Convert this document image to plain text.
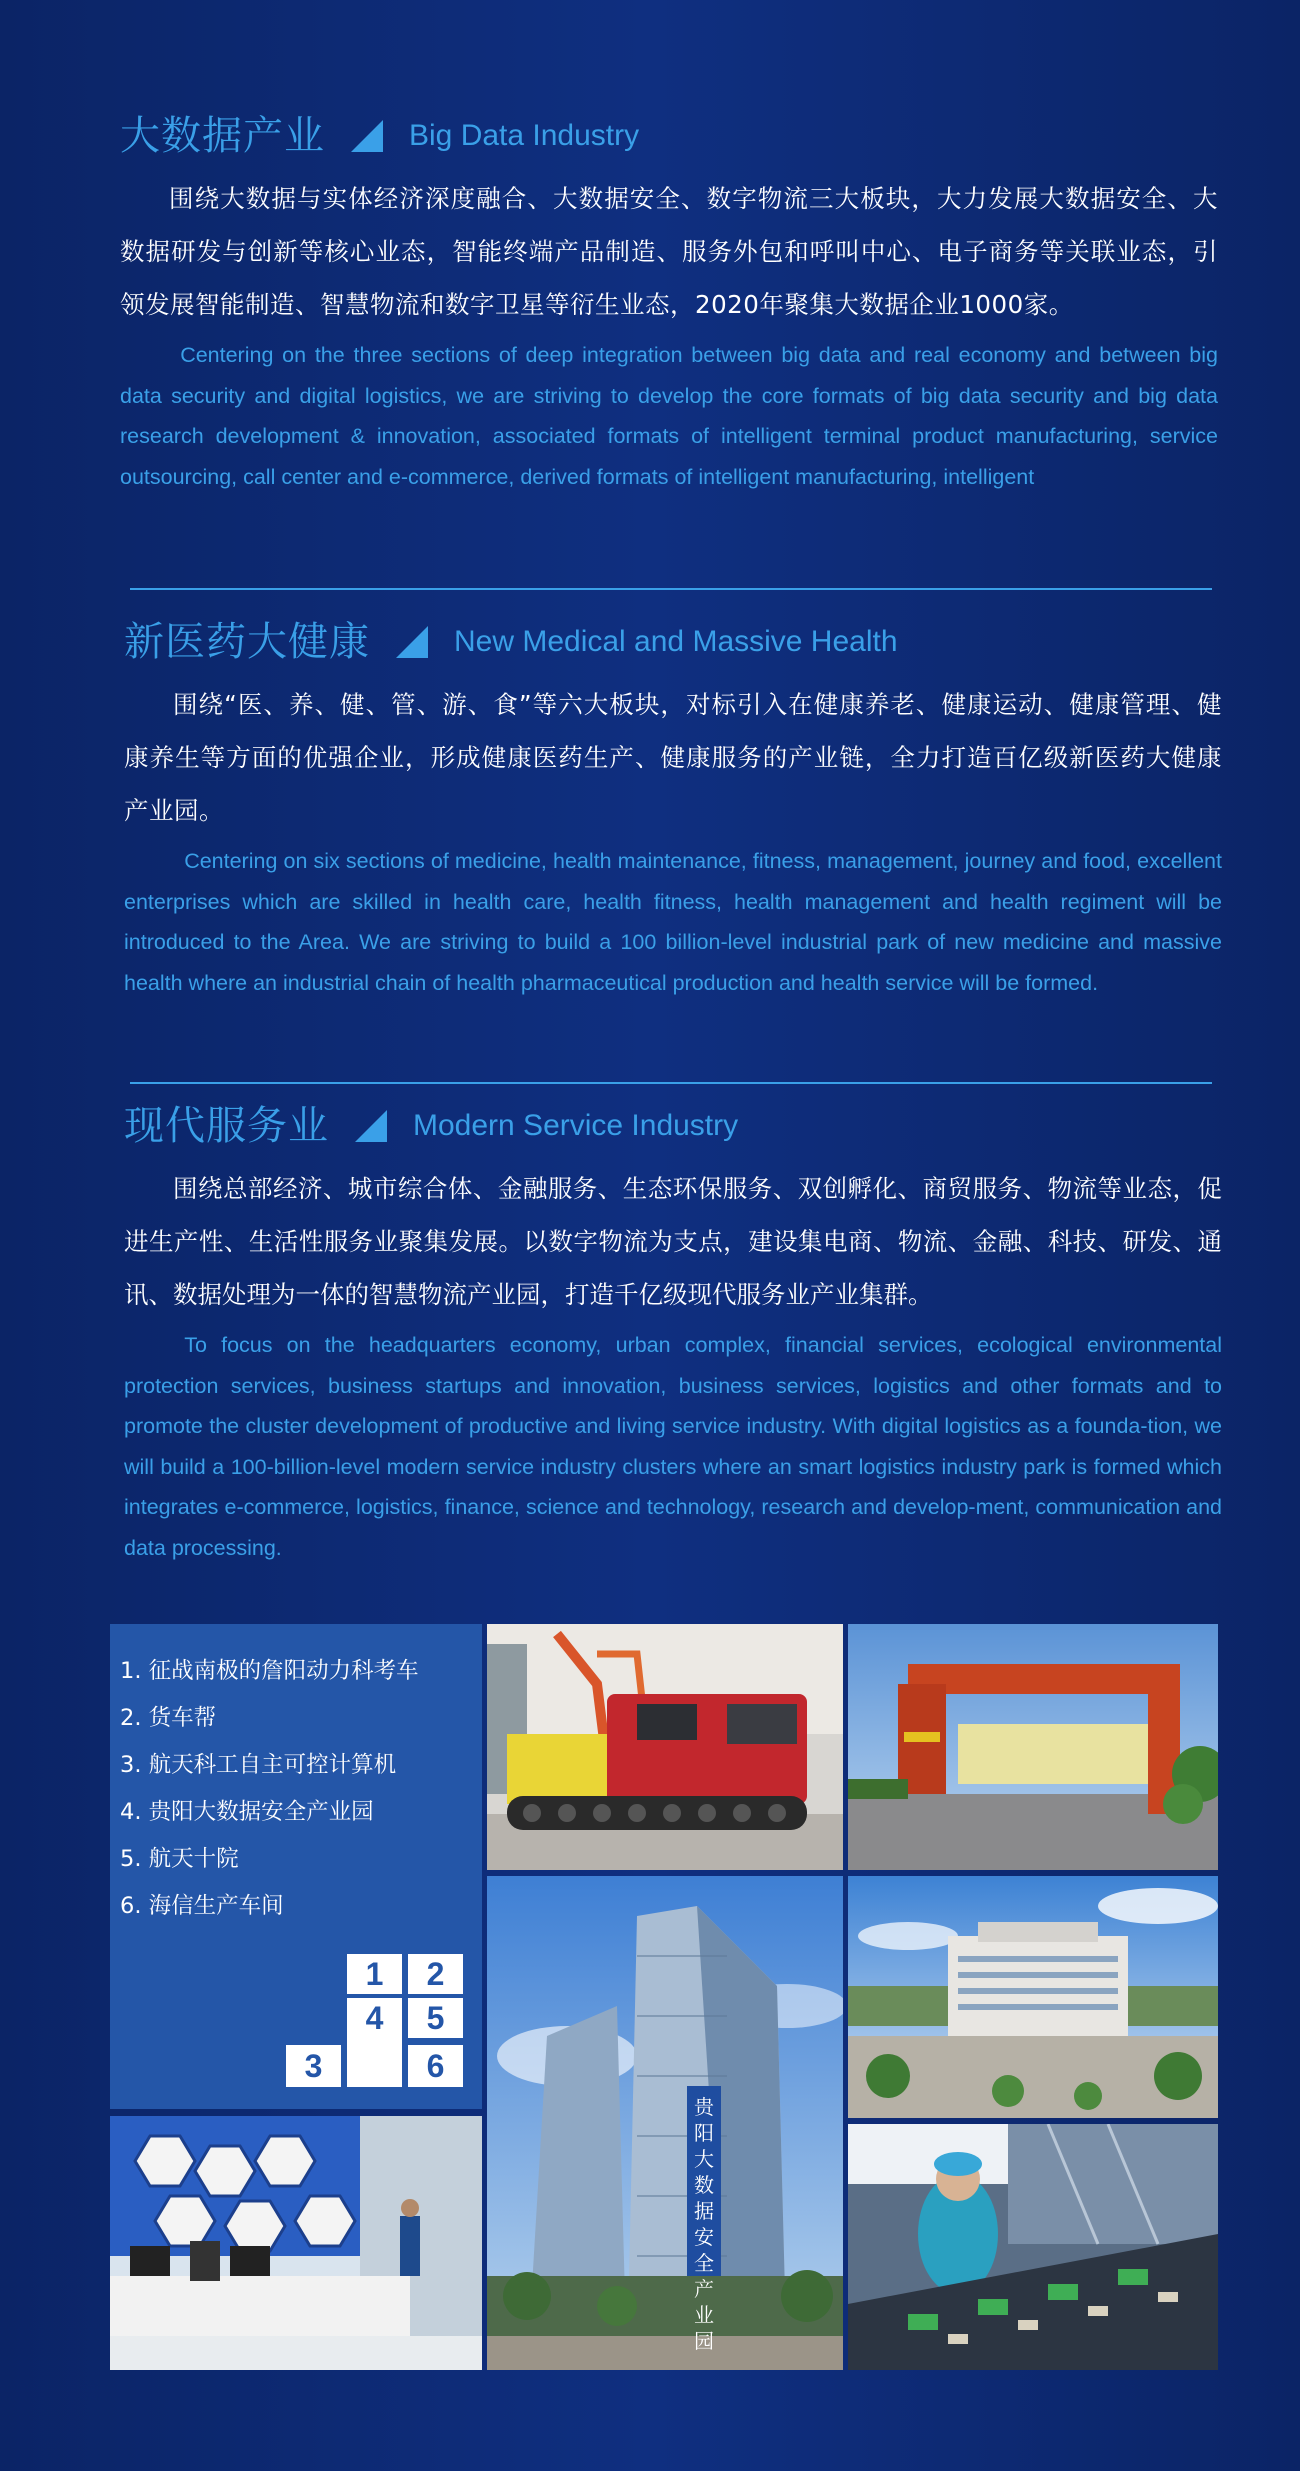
大数据产业	Big Data Industry

围绕大数据与实体经济深度融合、大数据安全、数字物流三大板块，大力发展大数据安全、大数据研发与创新等核心业态，智能终端产品制造、服务外包和呼叫中心、电子商务等关联业态，引领发展智能制造、智慧物流和数字卫星等衍生业态，2020年聚集大数据企业1000家。

Centering on the three sections of deep integration between big data and real economy and between big data security and digital logistics, we are striving to develop the core formats of big data security and big data research development & innovation, associated formats of intelligent terminal product manufacturing, service outsourcing, call center and e-commerce, derived formats of intelligent manufacturing, intelligent

新医药大健康	New Medical and Massive Health

围绕“医、养、健、管、游、食”等六大板块，对标引入在健康养老、健康运动、健康管理、健康养生等方面的优强企业，形成健康医药生产、健康服务的产业链，全力打造百亿级新医药大健康产业园。

Centering on six sections of medicine, health maintenance, fitness, management, journey and food, excellent enterprises which are skilled in health care, health fitness, health management and health regiment will be introduced to the Area. We are striving to build a 100 billion-level industrial park of new medicine and massive health where an industrial chain of health pharmaceutical production and health service will be formed.

现代服务业	Modern Service Industry

围绕总部经济、城市综合体、金融服务、生态环保服务、双创孵化、商贸服务、物流等业态，促进生产性、生活性服务业聚集发展。以数字物流为支点，建设集电商、物流、金融、科技、研发、通讯、数据处理为一体的智慧物流产业园，打造千亿级现代服务业产业集群。

To focus on the headquarters economy, urban complex, financial services, ecological environmental protection services, business startups and innovation, business services, logistics and other formats and to promote the cluster development of productive and living service industry. With digital logistics as a founda-tion, we will build a 100-billion-level modern service industry clusters where an smart logistics industry park is formed which integrates e-commerce, logistics, finance, science and technology, research and develop-ment, communication and data processing.

1. 征战南极的詹阳动力科考车
2. 货车帮
3. 航天科工自主可控计算机
4. 贵阳大数据安全产业园
5. 航天十院
6. 海信生产车间
1	2
4	5
3	6
贵阳大数据安全产业园
